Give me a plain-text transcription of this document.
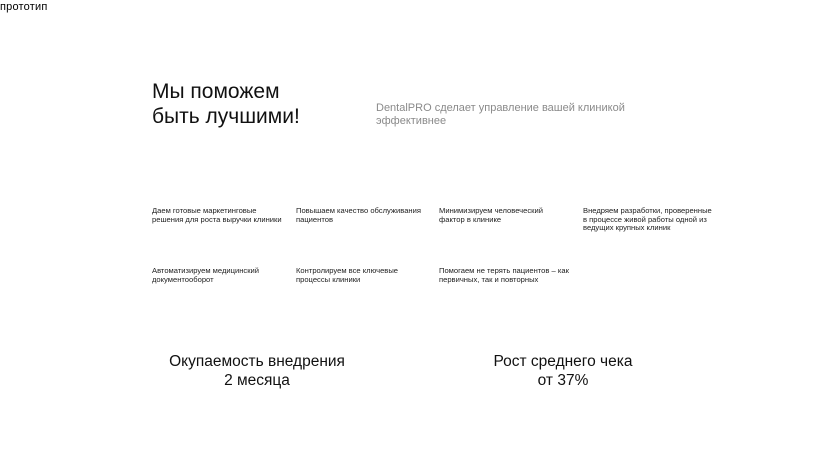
прототип
Мы поможем
быть лучшими!	DentalPRO сделает управление вашей клиникой эффективнее
Даем готовые маркетинговые решения для роста выручки клиники
Повышаем качество обслуживания пациентов
Минимизируем человеческий фактор в клинике
Внедряем разработки, проверенные в процессе живой работы одной из ведущих крупных клиник
Автоматизируем медицинский документооборот
Контролируем все ключевые процессы клиники
Помогаем не терять пациентов – как первичных, так и повторных
Окупаемость внедрения
2 месяца
Рост среднего чека
от 37%
